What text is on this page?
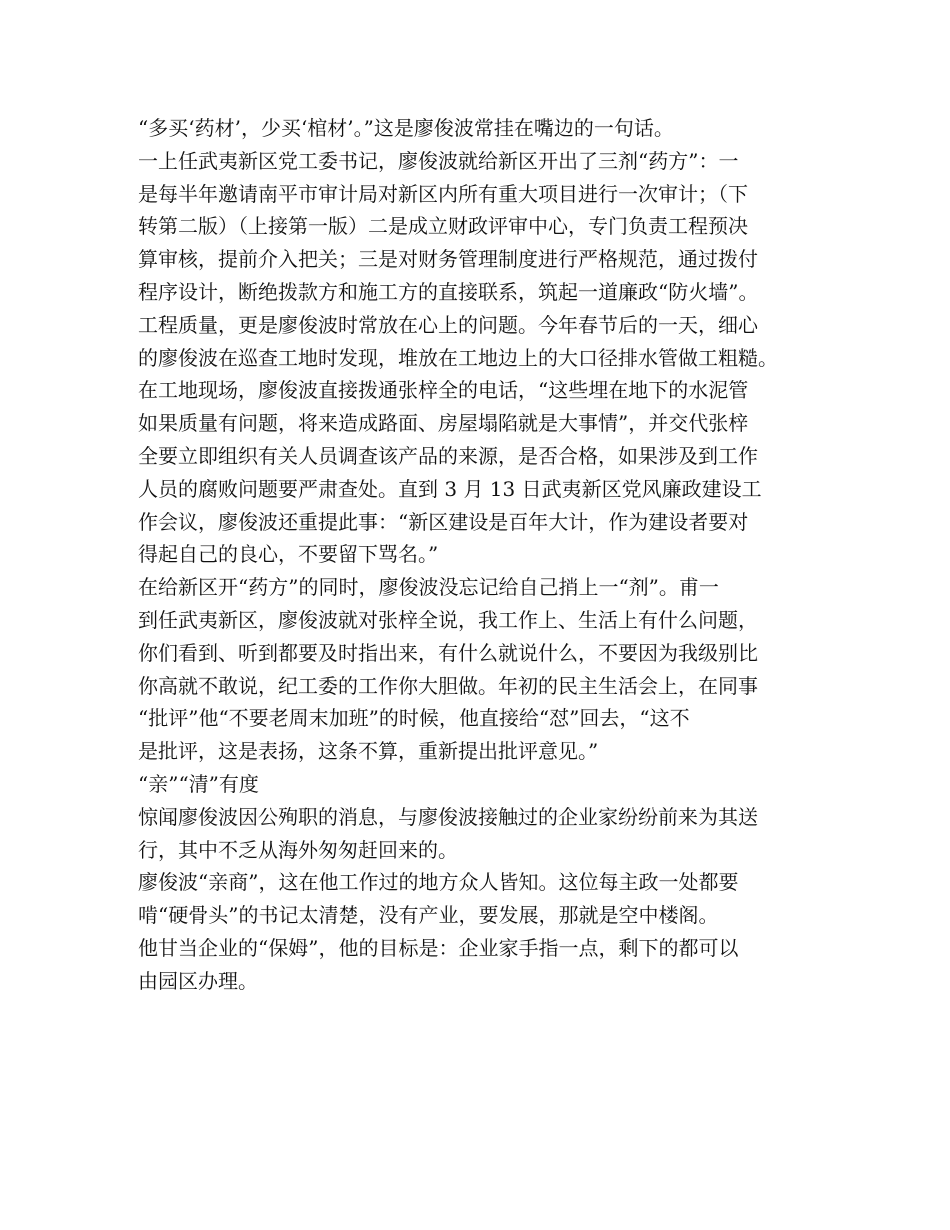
“多买‘药材’，少买‘棺材’。”这是廖俊波常挂在嘴边的一句话。
一上任武夷新区党工委书记，廖俊波就给新区开出了三剂“药方”：一
是每半年邀请南平市审计局对新区内所有重大项目进行一次审计；（下
转第二版）（上接第一版）二是成立财政评审中心，专门负责工程预决
算审核，提前介入把关；三是对财务管理制度进行严格规范，通过拨付
程序设计，断绝拨款方和施工方的直接联系，筑起一道廉政“防火墙”。
工程质量，更是廖俊波时常放在心上的问题。今年春节后的一天，细心
的廖俊波在巡查工地时发现，堆放在工地边上的大口径排水管做工粗糙。
在工地现场，廖俊波直接拨通张梓全的电话，“这些埋在地下的水泥管
如果质量有问题，将来造成路面、房屋塌陷就是大事情”，并交代张梓
全要立即组织有关人员调查该产品的来源，是否合格，如果涉及到工作
人员的腐败问题要严肃查处。直到 3 月 13 日武夷新区党风廉政建设工
作会议，廖俊波还重提此事：“新区建设是百年大计，作为建设者要对
得起自己的良心，不要留下骂名。”
在给新区开“药方”的同时，廖俊波没忘记给自己捎上一“剂”。甫一
到任武夷新区，廖俊波就对张梓全说，我工作上、生活上有什么问题，
你们看到、听到都要及时指出来，有什么就说什么，不要因为我级别比
你高就不敢说，纪工委的工作你大胆做。年初的民主生活会上，在同事
“批评”他“不要老周末加班”的时候，他直接给“怼”回去，“这不
是批评，这是表扬，这条不算，重新提出批评意见。”
“亲”“清”有度
惊闻廖俊波因公殉职的消息，与廖俊波接触过的企业家纷纷前来为其送
行，其中不乏从海外匆匆赶回来的。
廖俊波“亲商”，这在他工作过的地方众人皆知。这位每主政一处都要
啃“硬骨头”的书记太清楚，没有产业，要发展，那就是空中楼阁。
他甘当企业的“保姆”，他的目标是：企业家手指一点，剩下的都可以
由园区办理。
